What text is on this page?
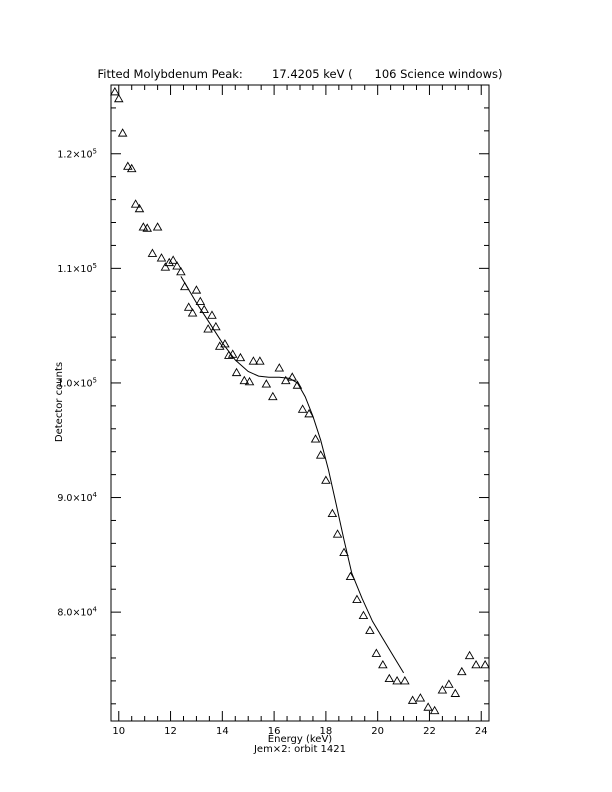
Fitted Molybdenum Peak:        17.4205 keV (      106 Science windows)
10	12	14	16	18	20	22	24
$8.0\times 10^4$
$9.0\times 10^4$
$1.0\times 10^5$
$1.1\times 10^5$
$1.2\times 10^5$
Energy (keV)
Jem×2: orbit 1421
Detector counts
